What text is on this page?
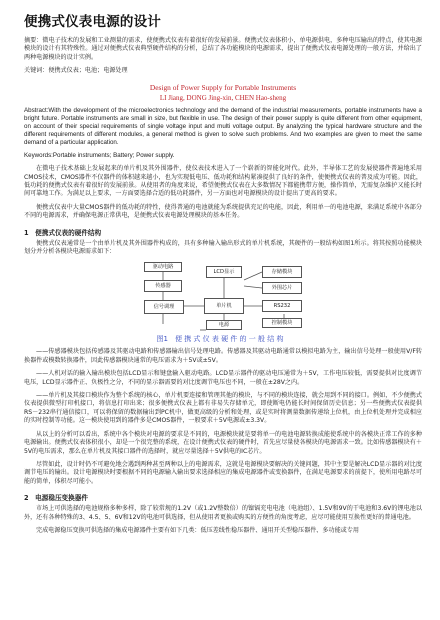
便携式仪表电源的设计

摘要：微电子技术的发展和工业测量的需求，使便携式仪表有着很好的发展前景。便携式仪表体积小，单电源供电，多种电压输出的特点，使其电源模块的设计有其特殊性。通过对便携式仪表典型硬件结构的分析，总结了各功能模块的电源需求，提出了便携式仪表电源处理的一般方法，并给出了两种电源模块的设计实例。

关键词：便携式仪表；电池；电源处理

Design of Power Supply for Portable Instruments
LI Jiang, DONG Jing-xin, CHEN Hao-sheng

Abstract:With the development of the microelectronics technology and the demand of the industrial measurements, portable instruments have a bright future. Portable instruments are small in size, but flexible in use. The design of their power supply is quite different from other equipment, on account of their special requirements of single voltage input and multi voltage output. By analyzing the typical hardware structure and the different requirements of different modules, a general method is given to solve such problems. And two examples are given to meet the same demand of a particular application.

Keywords:Portable instruments; Battery; Power supply.

在微电子技术基础上发展起来的单片机及其外围器件，使仪表技术进入了一个崭新的智能化时代。此外，半导体工艺的发展使器件普遍地采用CMOS技术，CMOS器件不仅器件的体积越来越小，也为实现低电压、低功耗和结构紧凑提供了良好的条件，使便携式仪表的普及成为可能。因此，低功耗的便携式仪表有着很好的发展前景。从使用者的角度来说，希望便携式仪表在大多数情况下都能携带方便，操作简单，无需复杂维护又能长时间可靠地工作。为满足以上要求，一方面要选择合适的低功耗器件，另一方面也对电源模块的设计提出了更高的要求。

便携式仪表中大量CMOS器件的低功耗的特性，使得普通的电池就能为系统提供充足的电能，因此，利用单一的电池电源，来满足系统中各部分不同的电源需求，并确保电源正常供电，是便携式仪表电源处理模块的基本任务。

1　便携式仪表的硬件结构

便携式仪表通常是一个由单片机及其外围器件构成的，具有多种输入输出形式的单片机系统，其硬件的一般结构如图1所示。将其按照功能模块划分并分析各模块电源需求如下：

驱动电路
传感器
LCD显示
单片机
存储模块
外围芯片
RS232
控制模块
信号调理
电源
图1　便 携 式 仪 表 硬 件 的 一 般 结 构

——传感器模块包括传感器及其驱动电路和传感器输出信号处理电路。传感器及其驱动电路通常以模拟电路为主，输出信号处理一般使用V/F转换器件或模数转换器件，因此传感器模块通常的电压需求为＋5V或±5V。

——人机对话的输入输出模块包括LCD显示和键盘输入驱动电路。LCD显示器件的驱动电压通常为＋5V，工作电压较低，需要提供对比度调节电压，LCD显示器件正、负极性之分，不同的显示器需要的对比度调节电压也不同，一般在±28V之内。

——单片机及其接口模块作为整个系统的核心，单片机要连接和管理其他的模块，与不同的模块连接，就会用到不同的接口。例如，不少便携式仪表提供微型打印机接口，将信息打印出来；很多便携式仪表上都有非易失存储单元，即使断电仍能长时间保留历史信息；另一些便携式仪表提供RS－232串行通信接口，可以将保留的数据输出到PC机中，做更高级的分析和处理，或是实时将测量数据传递给上位机，由上位机处理并完成相应的实时控制等功能。这一模块使用到的器件多是CMOS器件，一般要求＋5V电源或±3.3V。

从以上的分析可以看出，系统中各个模块对电源的要求是不同的，电源模块就是要将单一的电池电源转换成能使系统中的各模块正常工作的多种电源输出。便携式仪表体积很小，却是一个很完整的系统，在设计便携式仪表的硬件时，首先应尽量使各模块的电源需求一致。比如传感器模块有＋5V的电压需求，那么在单片机及其接口器件的选择时，就应尽量选择＋5V供电的IC芯片。

尽管如此，设计时仍不可避免地会遇到两种甚至两种以上的电源需求，这就是电源模块要解决的关键问题，其中主要是解决LCD显示器的对比度调节电压的输出。设计电源模块时要根据不同的电源输入输出要求选择相应的集成电源器件或变换器件，在满足电源要求的前提下，使所用电路尽可能的简单，体积尽可能小。

2　电源稳压变换器件

市场上可供选择的电池规格多种多样，除了较常规的1.2V（或1.2V整数倍）的镍镉充电电池（电池组）、1.5V和9V的干电池和3.6V的锂电池以外，还有各种特殊的3、4.5、5、6V和12V的电池可供选择，但从使用者更换或购买的方便性的角度考虑，应尽可能使用互换性更好的普通电池。

完成电源稳压变换可供选择的集成电源器件主要有如下几类：低压差线性稳压器件、通用开关型稳压器件、多功能或专用
